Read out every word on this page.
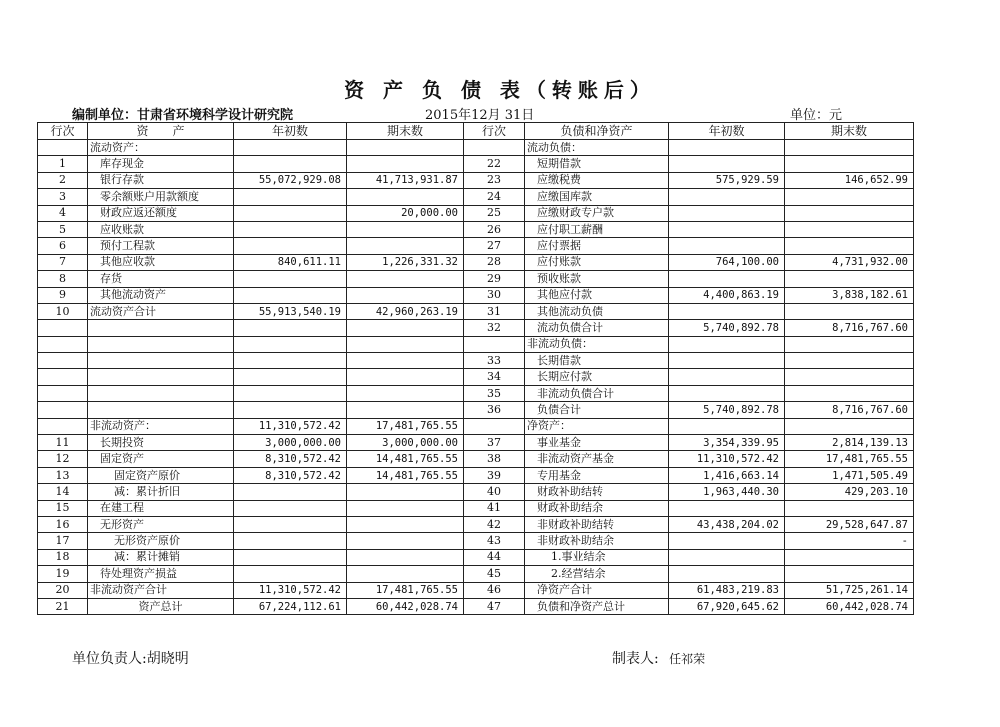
资 产 负 债 表（转账后）
编制单位：甘肃省环境科学设计研究院	2015年12月 31日	单位：元
行次	资　　产	年初数	期末数	行次	负债和净资产	年初数	期末数
	流动资产：				流动负债：		
1	库存现金			22	短期借款		
2	银行存款	55,072,929.08	41,713,931.87	23	应缴税费	575,929.59	146,652.99
3	零余额账户用款额度			24	应缴国库款		
4	财政应返还额度		20,000.00	25	应缴财政专户款		
5	应收账款			26	应付职工薪酬		
6	预付工程款			27	应付票据		
7	其他应收款	840,611.11	1,226,331.32	28	应付账款	764,100.00	4,731,932.00
8	存货			29	预收账款		
9	其他流动资产			30	其他应付款	4,400,863.19	3,838,182.61
10	流动资产合计	55,913,540.19	42,960,263.19	31	其他流动负债		
				32	流动负债合计	5,740,892.78	8,716,767.60
					非流动负债：		
				33	长期借款		
				34	长期应付款		
				35	非流动负债合计		
				36	负债合计	5,740,892.78	8,716,767.60
	非流动资产：	11,310,572.42	17,481,765.55		净资产：		
11	长期投资	3,000,000.00	3,000,000.00	37	事业基金	3,354,339.95	2,814,139.13
12	固定资产	8,310,572.42	14,481,765.55	38	非流动资产基金	11,310,572.42	17,481,765.55
13	固定资产原价	8,310,572.42	14,481,765.55	39	专用基金	1,416,663.14	1,471,505.49
14	减：累计折旧			40	财政补助结转	1,963,440.30	429,203.10
15	在建工程			41	财政补助结余		
16	无形资产			42	非财政补助结转	43,438,204.02	29,528,647.87
17	无形资产原价			43	非财政补助结余		-
18	减：累计摊销			44	1.事业结余		
19	待处理资产损益			45	2.经营结余		
20	非流动资产合计	11,310,572.42	17,481,765.55	46	净资产合计	61,483,219.83	51,725,261.14
21	资产总计	67,224,112.61	60,442,028.74	47	负债和净资产总计	67,920,645.62	60,442,028.74
单位负责人:胡晓明	制表人: 任祁荣
